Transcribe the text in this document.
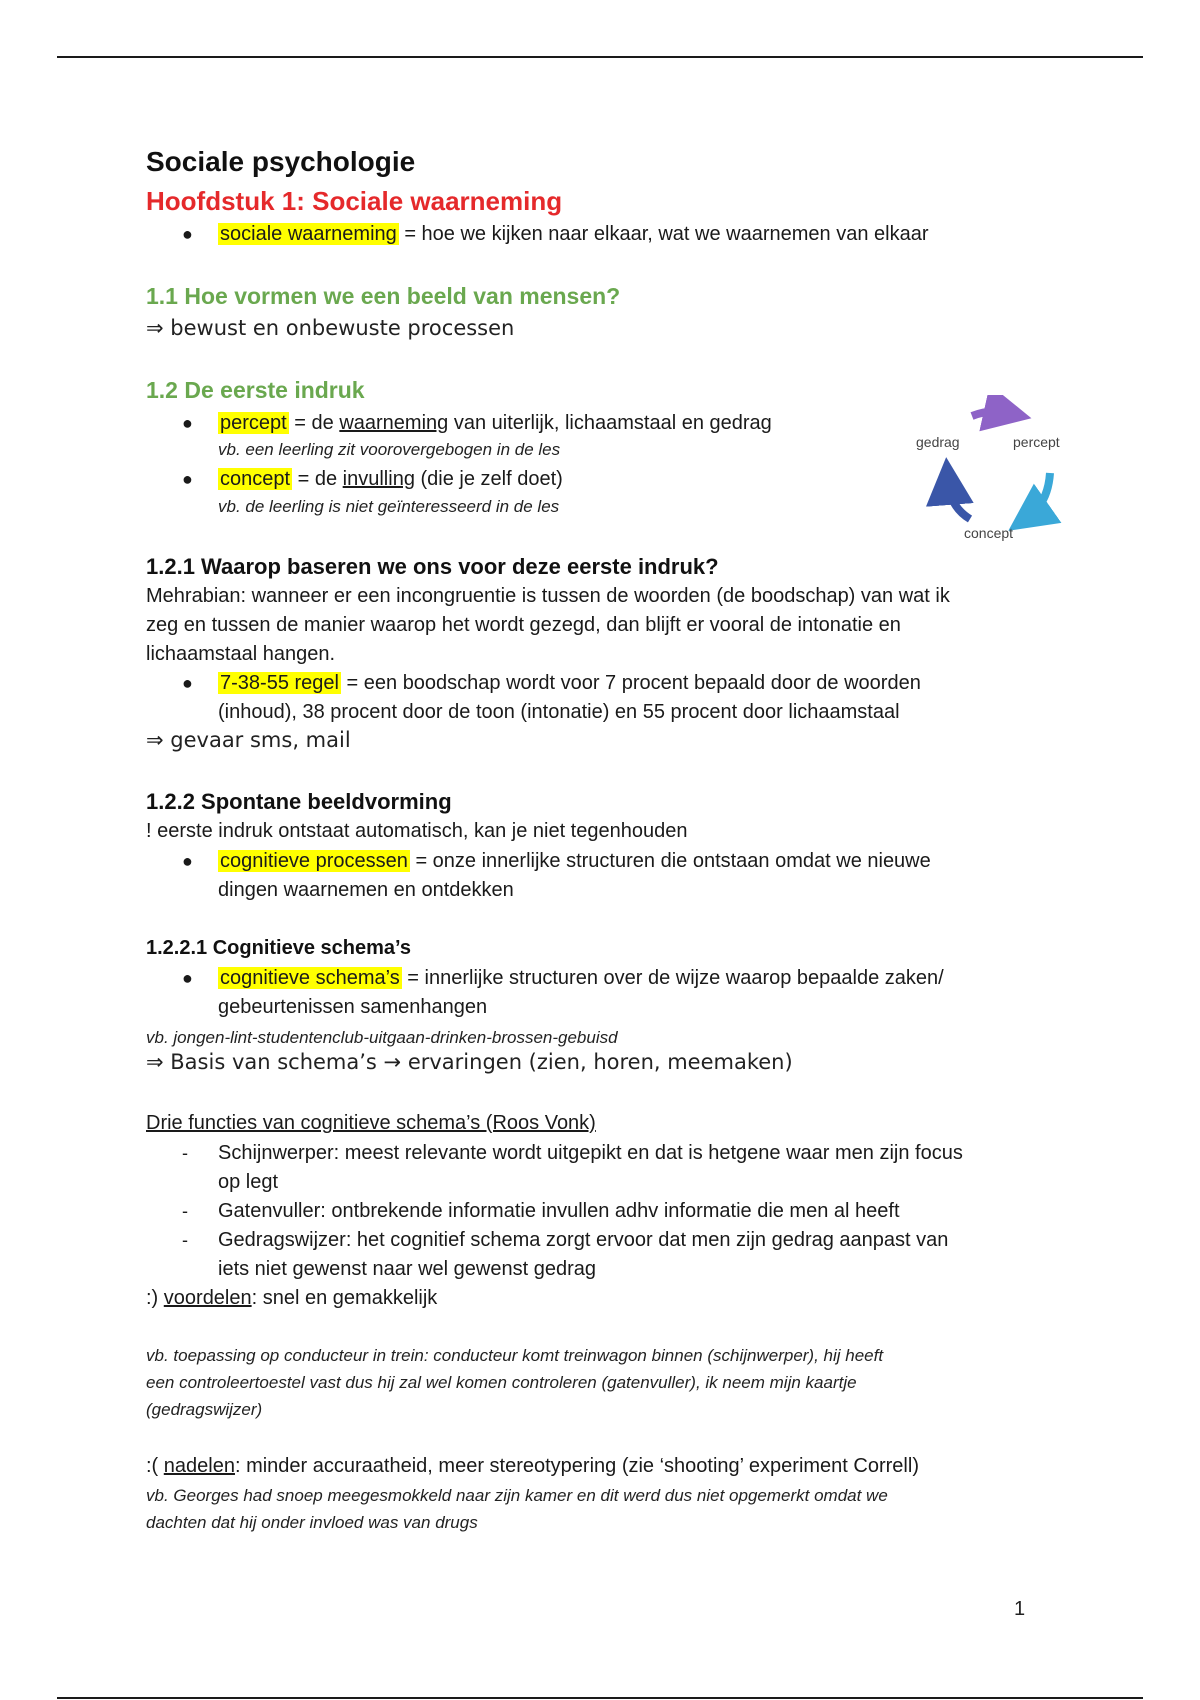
Sociale psychologie
Hoofdstuk 1: Sociale waarneming
● sociale waarneming = hoe we kijken naar elkaar, wat we waarnemen van elkaar
1.1 Hoe vormen we een beeld van mensen?
⇒ bewust en onbewuste processen
1.2 De eerste indruk
● percept = de waarneming van uiterlijk, lichaamstaal en gedrag
vb. een leerling zit voorovergebogen in de les
● concept = de invulling (die je zelf doet)
vb. de leerling is niet geïnteresseerd in de les
1.2.1 Waarop baseren we ons voor deze eerste indruk?
Mehrabian: wanneer er een incongruentie is tussen de woorden (de boodschap) van wat ik
zeg en tussen de manier waarop het wordt gezegd, dan blijft er vooral de intonatie en
lichaamstaal hangen.
● 7-38-55 regel = een boodschap wordt voor 7 procent bepaald door de woorden
(inhoud), 38 procent door de toon (intonatie) en 55 procent door lichaamstaal
⇒ gevaar sms, mail
1.2.2 Spontane beeldvorming
! eerste indruk ontstaat automatisch, kan je niet tegenhouden
● cognitieve processen = onze innerlijke structuren die ontstaan omdat we nieuwe
dingen waarnemen en ontdekken
1.2.2.1 Cognitieve schema’s
● cognitieve schema’s = innerlijke structuren over de wijze waarop bepaalde zaken/
gebeurtenissen samenhangen
vb. jongen-lint-studentenclub-uitgaan-drinken-brossen-gebuisd
⇒ Basis van schema’s → ervaringen (zien, horen, meemaken)
Drie functies van cognitieve schema’s (Roos Vonk)
- Schijnwerper: meest relevante wordt uitgepikt en dat is hetgene waar men zijn focus
op legt
- Gatenvuller: ontbrekende informatie invullen adhv informatie die men al heeft
- Gedragswijzer: het cognitief schema zorgt ervoor dat men zijn gedrag aanpast van
iets niet gewenst naar wel gewenst gedrag
:) voordelen: snel en gemakkelijk
vb. toepassing op conducteur in trein: conducteur komt treinwagon binnen (schijnwerper), hij heeft
een controleertoestel vast dus hij zal wel komen controleren (gatenvuller), ik neem mijn kaartje
(gedragswijzer)
:( nadelen: minder accuraatheid, meer stereotypering (zie ‘shooting’ experiment Correll)
vb. Georges had snoep meegesmokkeld naar zijn kamer en dit werd dus niet opgemerkt omdat we
dachten dat hij onder invloed was van drugs
gedrag	percept
concept
1
